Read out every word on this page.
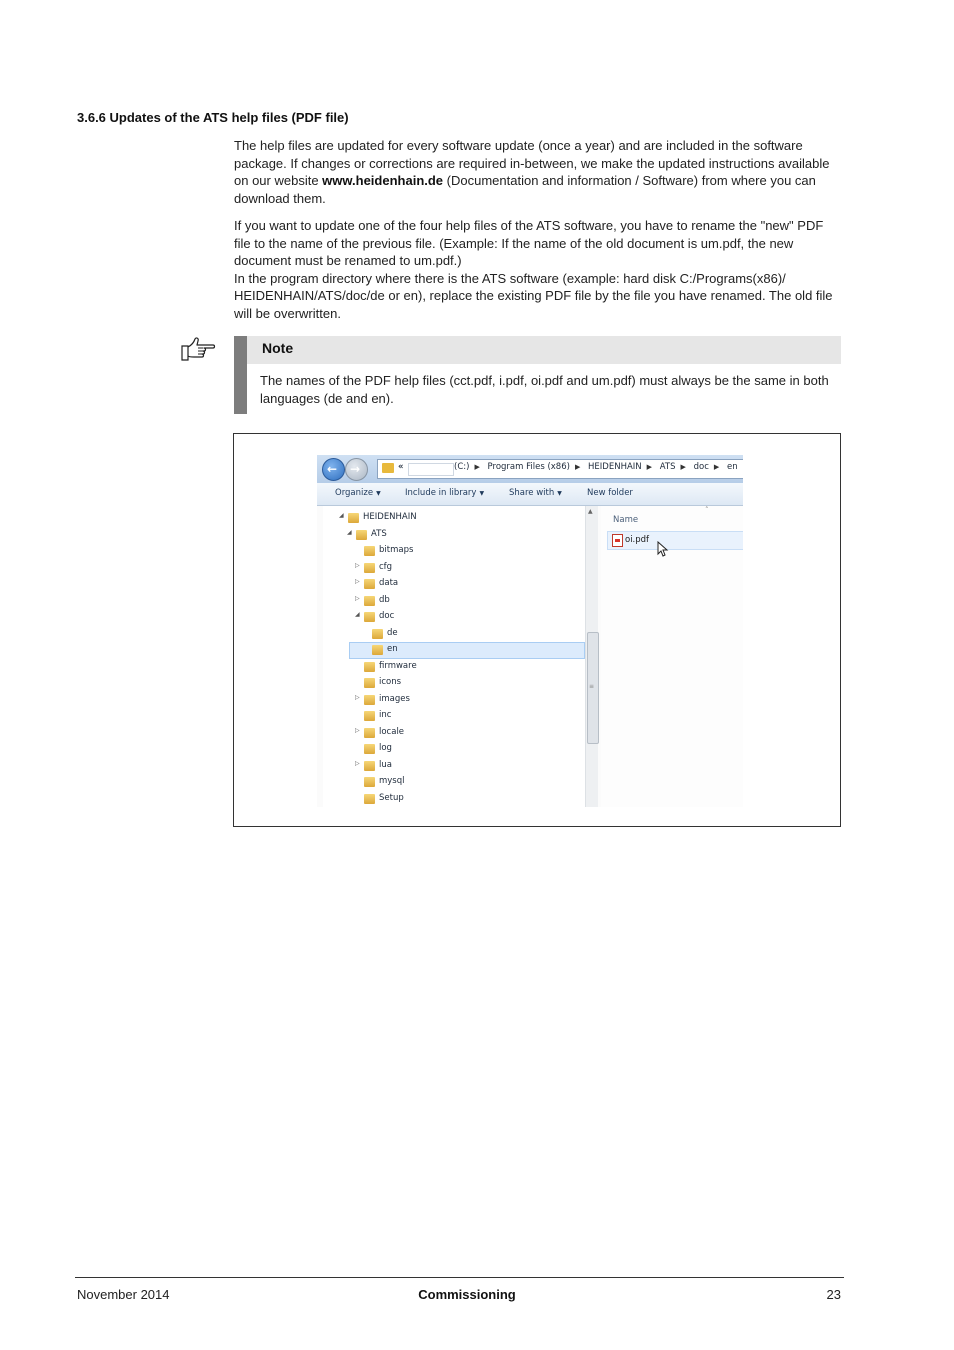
3.6.6 Updates of the ATS help files (PDF file)
The help files are updated for every software update (once a year) and are included in the software package. If changes or corrections are required in-between, we make the updated instructions available on our website www.heidenhain.de (Documentation and information / Software) from where you can download them.
If you want to update one of the four help files of the ATS software, you have to rename the "new" PDF file to the name of the previous file. (Example: If the name of the old document is um.pdf, the new document must be renamed to um.pdf.)
In the program directory where there is the ATS software (example: hard disk C:/Programs(x86)/ HEIDENHAIN/ATS/doc/de or en), replace the existing PDF file by the file you have renamed. The old file will be overwritten.
Note
The names of the PDF help files (cct.pdf, i.pdf, oi.pdf and um.pdf) must always be the same in both languages (de and en).
← →	«	(C:) ▶ Program Files (x86) ▶ HEIDENHAIN ▶ ATS ▶ doc ▶ en
Organize ▼	Include in library ▼	Share with ▼	New folder
◢ HEIDENHAIN
◢ ATS
bitmaps
▷ cfg
▷ data
▷ db
◢ doc
de
en
firmware
icons
▷ images
inc
▷ locale
log
▷ lua
mysql
Setup
▲
≡
˄
Name
oi.pdf
November 2014	Commissioning	23
